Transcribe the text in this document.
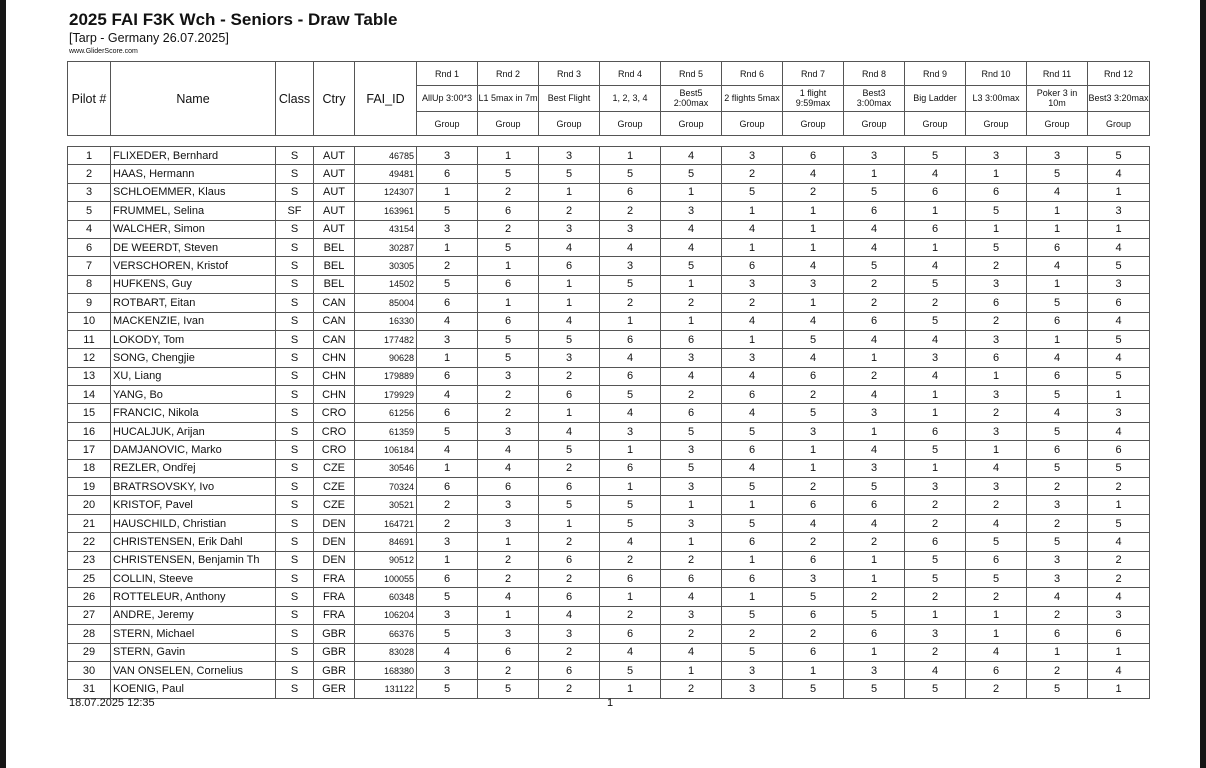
2025 FAI F3K Wch - Seniors - Draw Table
[Tarp - Germany 26.07.2025]
www.GliderScore.com
Pilot #	Name	Class	Ctry	FAI_ID	Rnd 1	Rnd 2	Rnd 3	Rnd 4	Rnd 5	Rnd 6	Rnd 7	Rnd 8	Rnd 9	Rnd 10	Rnd 11	Rnd 12
					AllUp 3:00*3	L1 5max in 7m	Best Flight	1, 2, 3, 4	Best5 2:00max	2 flights 5max	1 flight 9:59max	Best3 3:00max	Big Ladder	L3 3:00max	Poker 3 in 10m	Best3 3:20max
					Group	Group	Group	Group	Group	Group	Group	Group	Group	Group	Group	Group
1	FLIXEDER, Bernhard	S	AUT	46785	3	1	3	1	4	3	6	3	5	3	3	5
2	HAAS, Hermann	S	AUT	49481	6	5	5	5	5	2	4	1	4	1	5	4
3	SCHLOEMMER, Klaus	S	AUT	124307	1	2	1	6	1	5	2	5	6	6	4	1
5	FRUMMEL, Selina	SF	AUT	163961	5	6	2	2	3	1	1	6	1	5	1	3
4	WALCHER, Simon	S	AUT	43154	3	2	3	3	4	4	1	4	6	1	1	1
6	DE WEERDT, Steven	S	BEL	30287	1	5	4	4	4	1	1	4	1	5	6	4
7	VERSCHOREN, Kristof	S	BEL	30305	2	1	6	3	5	6	4	5	4	2	4	5
8	HUFKENS, Guy	S	BEL	14502	5	6	1	5	1	3	3	2	5	3	1	3
9	ROTBART, Eitan	S	CAN	85004	6	1	1	2	2	2	1	2	2	6	5	6
10	MACKENZIE, Ivan	S	CAN	16330	4	6	4	1	1	4	4	6	5	2	6	4
11	LOKODY, Tom	S	CAN	177482	3	5	5	6	6	1	5	4	4	3	1	5
12	SONG, Chengjie	S	CHN	90628	1	5	3	4	3	3	4	1	3	6	4	4
13	XU, Liang	S	CHN	179889	6	3	2	6	4	4	6	2	4	1	6	5
14	YANG, Bo	S	CHN	179929	4	2	6	5	2	6	2	4	1	3	5	1
15	FRANCIC, Nikola	S	CRO	61256	6	2	1	4	6	4	5	3	1	2	4	3
16	HUCALJUK, Arijan	S	CRO	61359	5	3	4	3	5	5	3	1	6	3	5	4
17	DAMJANOVIC, Marko	S	CRO	106184	4	4	5	1	3	6	1	4	5	1	6	6
18	REZLER, Ondřej	S	CZE	30546	1	4	2	6	5	4	1	3	1	4	5	5
19	BRATRSOVSKY, Ivo	S	CZE	70324	6	6	6	1	3	5	2	5	3	3	2	2
20	KRISTOF, Pavel	S	CZE	30521	2	3	5	5	1	1	6	6	2	2	3	1
21	HAUSCHILD, Christian	S	DEN	164721	2	3	1	5	3	5	4	4	2	4	2	5
22	CHRISTENSEN, Erik Dahl	S	DEN	84691	3	1	2	4	1	6	2	2	6	5	5	4
23	CHRISTENSEN, Benjamin Th	S	DEN	90512	1	2	6	2	2	1	6	1	5	6	3	2
25	COLLIN, Steeve	S	FRA	100055	6	2	2	6	6	6	3	1	5	5	3	2
26	ROTTELEUR, Anthony	S	FRA	60348	5	4	6	1	4	1	5	2	2	2	4	4
27	ANDRE, Jeremy	S	FRA	106204	3	1	4	2	3	5	6	5	1	1	2	3
28	STERN, Michael	S	GBR	66376	5	3	3	6	2	2	2	6	3	1	6	6
29	STERN, Gavin	S	GBR	83028	4	6	2	4	4	5	6	1	2	4	1	1
30	VAN ONSELEN, Cornelius	S	GBR	168380	3	2	6	5	1	3	1	3	4	6	2	4
31	KOENIG, Paul	S	GER	131122	5	5	2	1	2	3	5	5	5	2	5	1
18.07.2025 12:35	1
